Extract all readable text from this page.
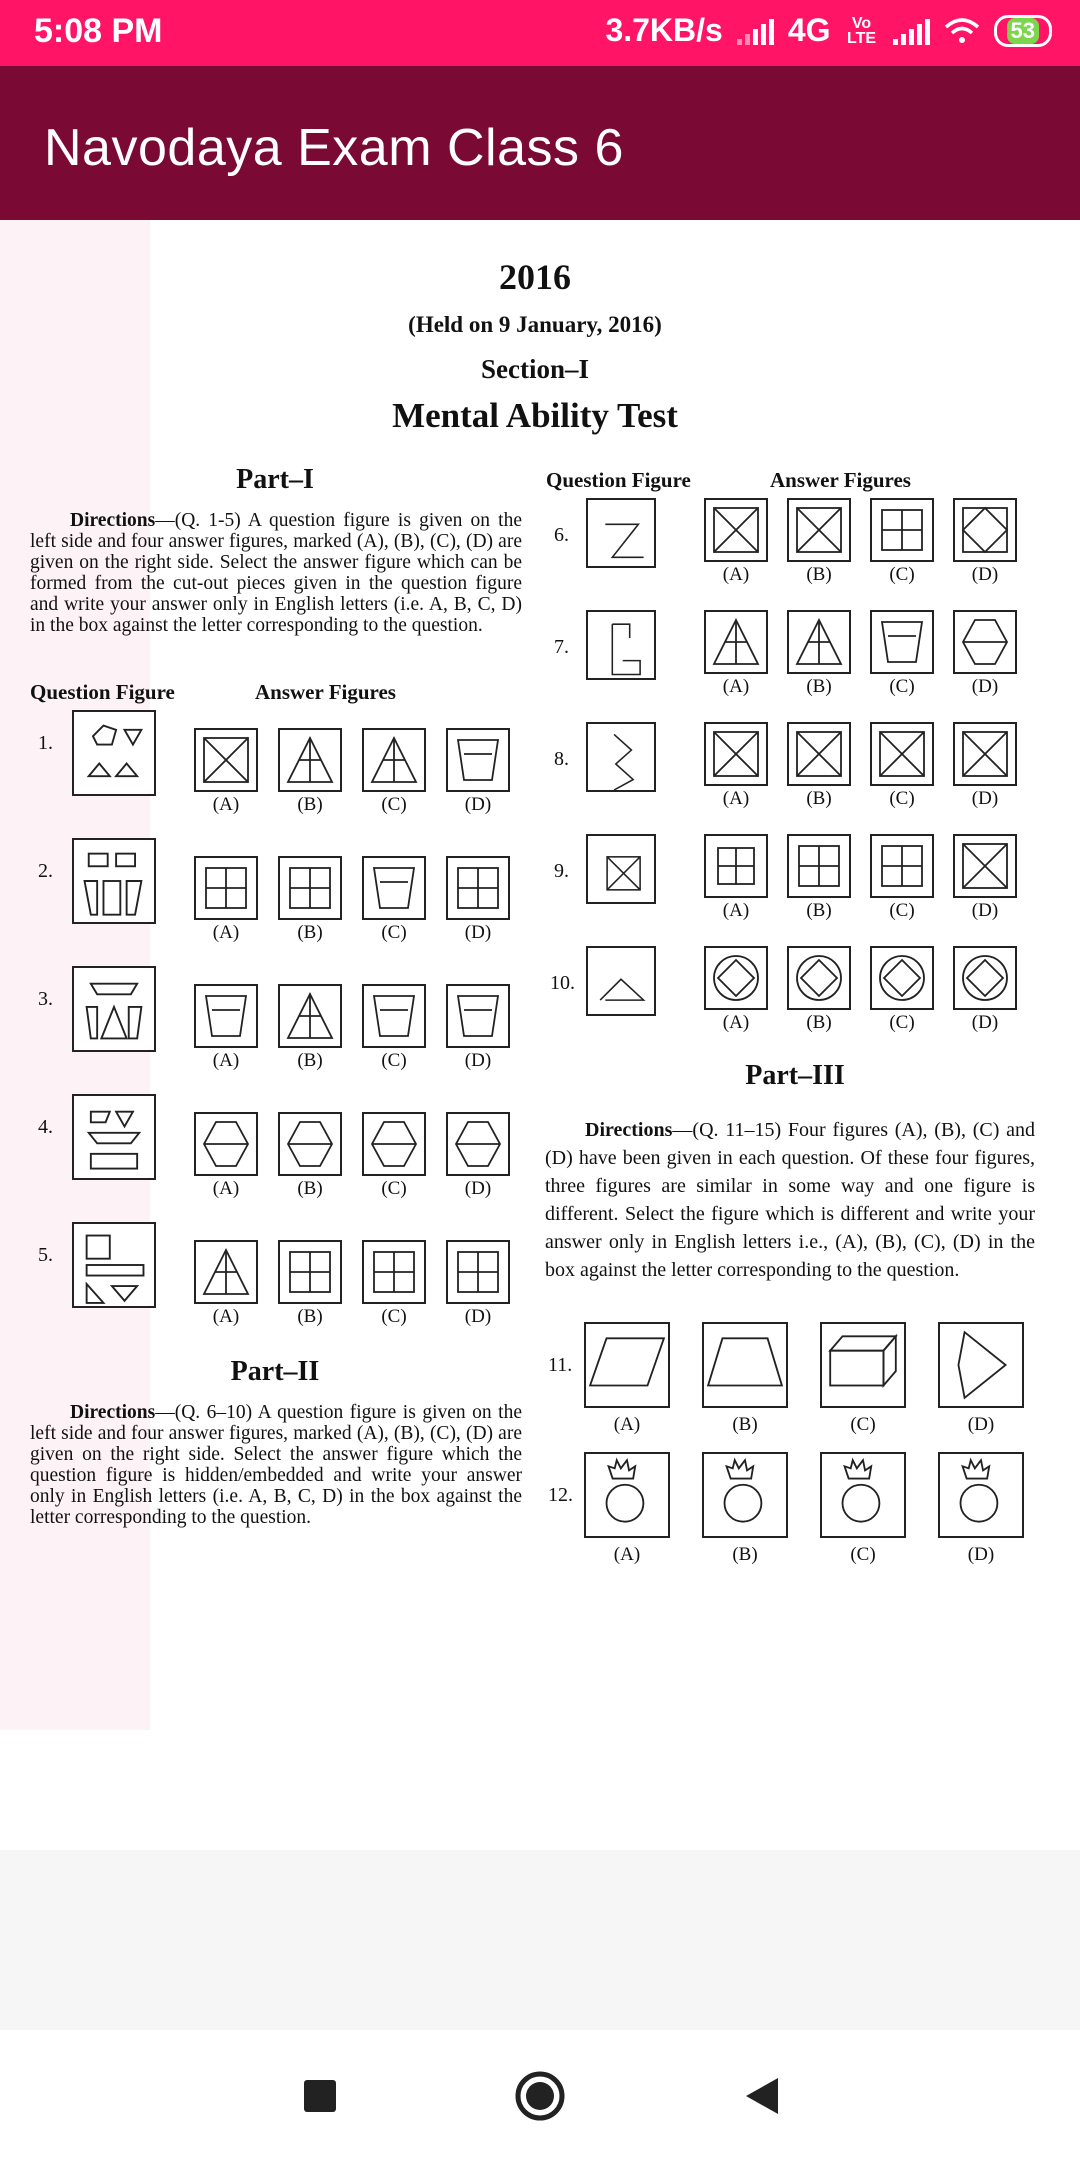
5:08 PM	3.7KB/s 4G	Vo LTE	53
Navodaya Exam Class 6
2016
(Held on 9 January, 2016)
Section–I
Mental Ability Test
Part–I
Directions—(Q. 1-5) A question figure is given on the left side and four answer figures, marked (A), (B), (C), (D) are given on the right side. Select the answer figure which can be formed from the cut-out pieces given in the question figure and write your answer only in English letters (i.e. A, B, C, D) in the box against the letter corresponding to the question.
Question Figure	Answer Figures
Question Figure	Answer Figures
Part–II
Directions—(Q. 6–10) A question figure is given on the left side and four answer figures, marked (A), (B), (C), (D) are given on the right side. Select the answer figure which the question figure is hidden/embedded and write your answer only in English letters (i.e. A, B, C, D) in the box against the letter corresponding to the question.
Part–III
Directions—(Q. 11–15) Four figures (A), (B), (C) and (D) have been given in each question. Of these four figures, three figures are similar in some way and one figure is different. Select the figure which is different and write your answer only in English letters i.e., (A), (B), (C), (D) in the box against the letter corresponding to the question.
1.
(A)	(B)	(C)	(D)
2.
(A)	(B)	(C)	(D)
3.
(A)	(B)	(C)	(D)
4.
(A)	(B)	(C)	(D)
5.
(A)	(B)	(C)	(D)
6.
(A)	(B)	(C)	(D)
7.
(A)	(B)	(C)	(D)
8.
(A)	(B)	(C)	(D)
9.
(A)	(B)	(C)	(D)
10.
(A)	(B)	(C)	(D)
11.
(A)	(B)	(C)	(D)
12.
(A)	(B)	(C)	(D)
